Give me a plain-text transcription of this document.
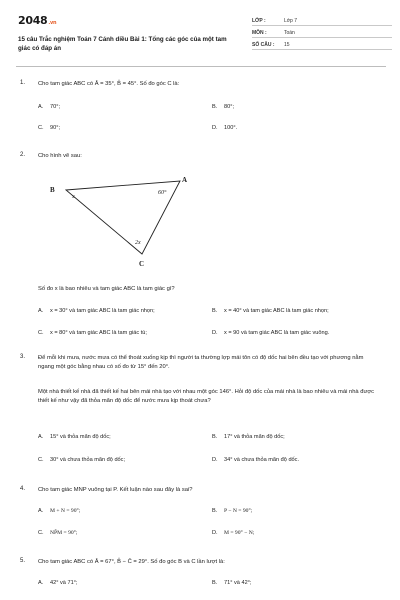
2048.vn
15 câu Trắc nghiệm Toán 7 Cánh diều Bài 1: Tổng các góc của một tam giác có đáp án
LỚP :	Lớp 7
MÔN :	Toán
SỐ CÂU :	15
1. Cho tam giác ABC có Â = 35°, B̂ = 45°. Số đo góc C là:
A. 70°;	B. 80°;
C. 90°;	D. 100°.
2. Cho hình vẽ sau:
B
A
C
60°
x
2x
Số đo x là bao nhiêu và tam giác ABC là tam giác gì?
A. x = 30° và tam giác ABC là tam giác nhọn;	B. x = 40° và tam giác ABC là tam giác nhọn;
C. x = 80° và tam giác ABC là tam giác tù;	D. x = 90 và tam giác ABC là tam giác vuông.
3. Để mỗi khi mưa, nước mưa có thể thoát xuống kịp thì người ta thường lợp mái tôn có độ dốc hai bên đều tạo với phương nằm ngang một góc bằng nhau có số đo từ 15° đến 20°.
Một nhà thiết kế nhà đã thiết kế hai bên mái nhà tạo với nhau một góc 146°. Hỏi độ dốc của mái nhà là bao nhiêu và mái nhà được thiết kế như vậy đã thỏa mãn độ dốc để nước mưa kịp thoát chưa?
A. 15° và thỏa mãn độ dốc;	B. 17° và thỏa mãn độ dốc;
C. 30° và chưa thỏa mãn độ dốc;	D. 34° và chưa thỏa mãn độ dốc.
4. Cho tam giác MNP vuông tại P. Kết luận nào sau đây là sai?
A. M + N = 90°;	B. P − N = 90°;
C. NP̂M = 90°;	D. M = 90° − N;
5. Cho tam giác ABC có Â = 67°, B̂ − Ĉ = 29°. Số đo góc B và C lần lượt là:
A. 42° và 71°;	B. 71° và 42°;
